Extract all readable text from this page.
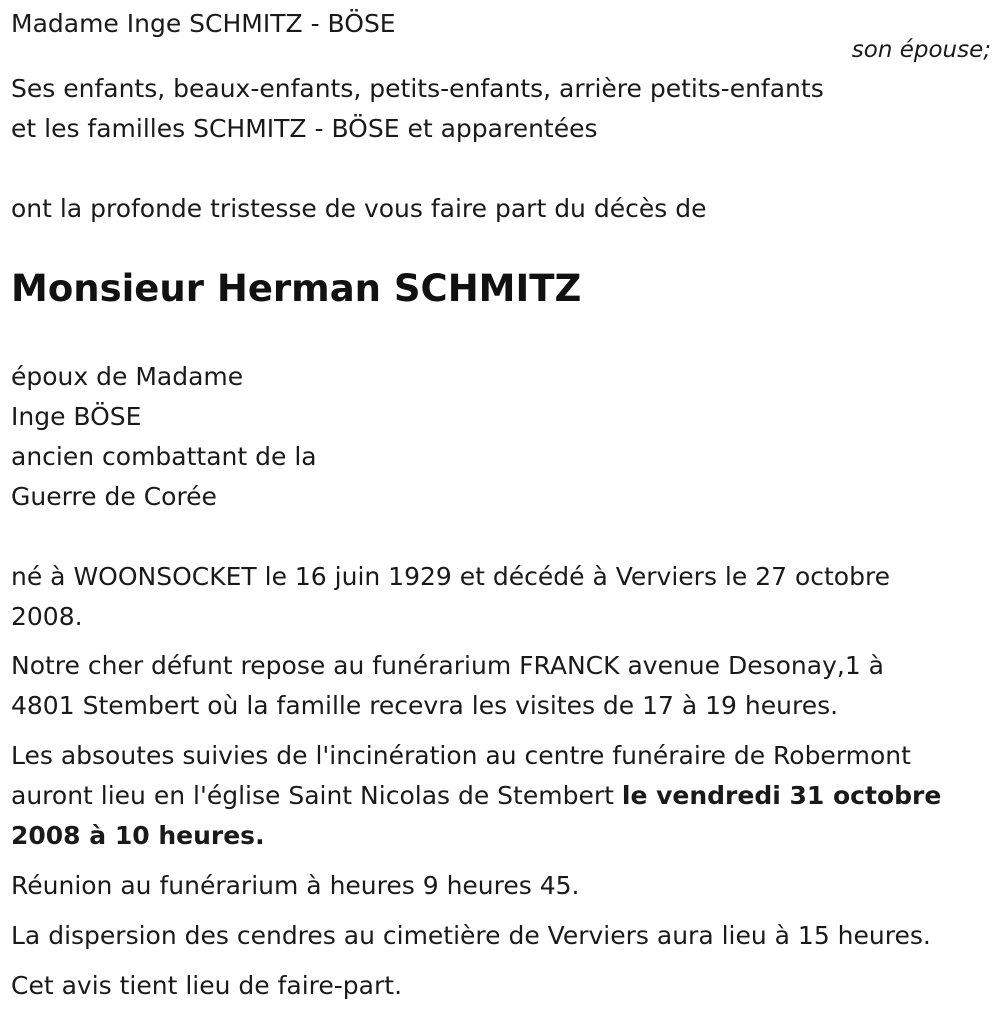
Madame Inge SCHMITZ - BÖSE
son épouse;
Ses enfants, beaux-enfants, petits-enfants, arrière petits-enfants
et les familles SCHMITZ - BÖSE et apparentées
ont la profonde tristesse de vous faire part du décès de
Monsieur Herman SCHMITZ
époux de Madame
Inge BÖSE
ancien combattant de la
Guerre de Corée
né à WOONSOCKET le 16 juin 1929 et décédé à Verviers le 27 octobre
2008.
Notre cher défunt repose au funérarium FRANCK avenue Desonay,1 à
4801 Stembert où la famille recevra les visites de 17 à 19 heures.
Les absoutes suivies de l'incinération au centre funéraire de Robermont
auront lieu en l'église Saint Nicolas de Stembert le vendredi 31 octobre
2008 à 10 heures.
Réunion au funérarium à heures 9 heures 45.
La dispersion des cendres au cimetière de Verviers aura lieu à 15 heures.
Cet avis tient lieu de faire-part.
